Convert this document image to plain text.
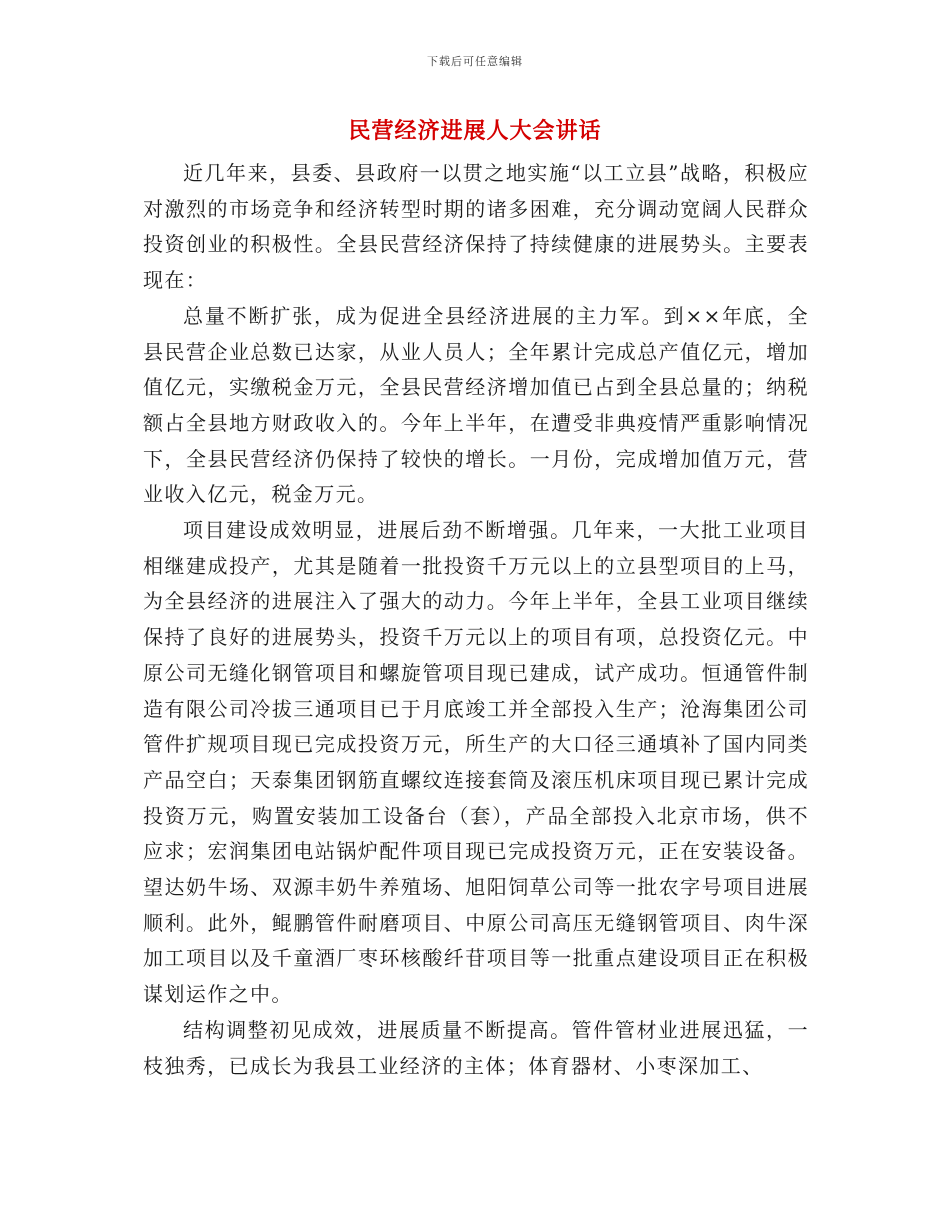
下载后可任意编辑
民营经济进展人大会讲话

近几年来，县委、县政府一以贯之地实施“以工立县”战略，积极应对激烈的市场竞争和经济转型时期的诸多困难，充分调动宽阔人民群众投资创业的积极性。全县民营经济保持了持续健康的进展势头。主要表现在：

总量不断扩张，成为促进全县经济进展的主力军。到××年底，全县民营企业总数已达家，从业人员人；全年累计完成总产值亿元，增加值亿元，实缴税金万元，全县民营经济增加值已占到全县总量的；纳税额占全县地方财政收入的。今年上半年，在遭受非典疫情严重影响情况下，全县民营经济仍保持了较快的增长。一月份，完成增加值万元，营业收入亿元，税金万元。

项目建设成效明显，进展后劲不断增强。几年来，一大批工业项目相继建成投产，尤其是随着一批投资千万元以上的立县型项目的上马，为全县经济的进展注入了强大的动力。今年上半年，全县工业项目继续保持了良好的进展势头，投资千万元以上的项目有项，总投资亿元。中原公司无缝化钢管项目和螺旋管项目现已建成，试产成功。恒通管件制造有限公司冷拔三通项目已于月底竣工并全部投入生产；沧海集团公司管件扩规项目现已完成投资万元，所生产的大口径三通填补了国内同类产品空白；天泰集团钢筋直螺纹连接套筒及滚压机床项目现已累计完成投资万元，购置安装加工设备台（套），产品全部投入北京市场，供不应求；宏润集团电站锅炉配件项目现已完成投资万元，正在安装设备。望达奶牛场、双源丰奶牛养殖场、旭阳饲草公司等一批农字号项目进展顺利。此外，鲲鹏管件耐磨项目、中原公司高压无缝钢管项目、肉牛深加工项目以及千童酒厂枣环核酸纤苷项目等一批重点建设项目正在积极谋划运作之中。

结构调整初见成效，进展质量不断提高。管件管材业进展迅猛，一枝独秀，已成长为我县工业经济的主体；体育器材、小枣深加工、
